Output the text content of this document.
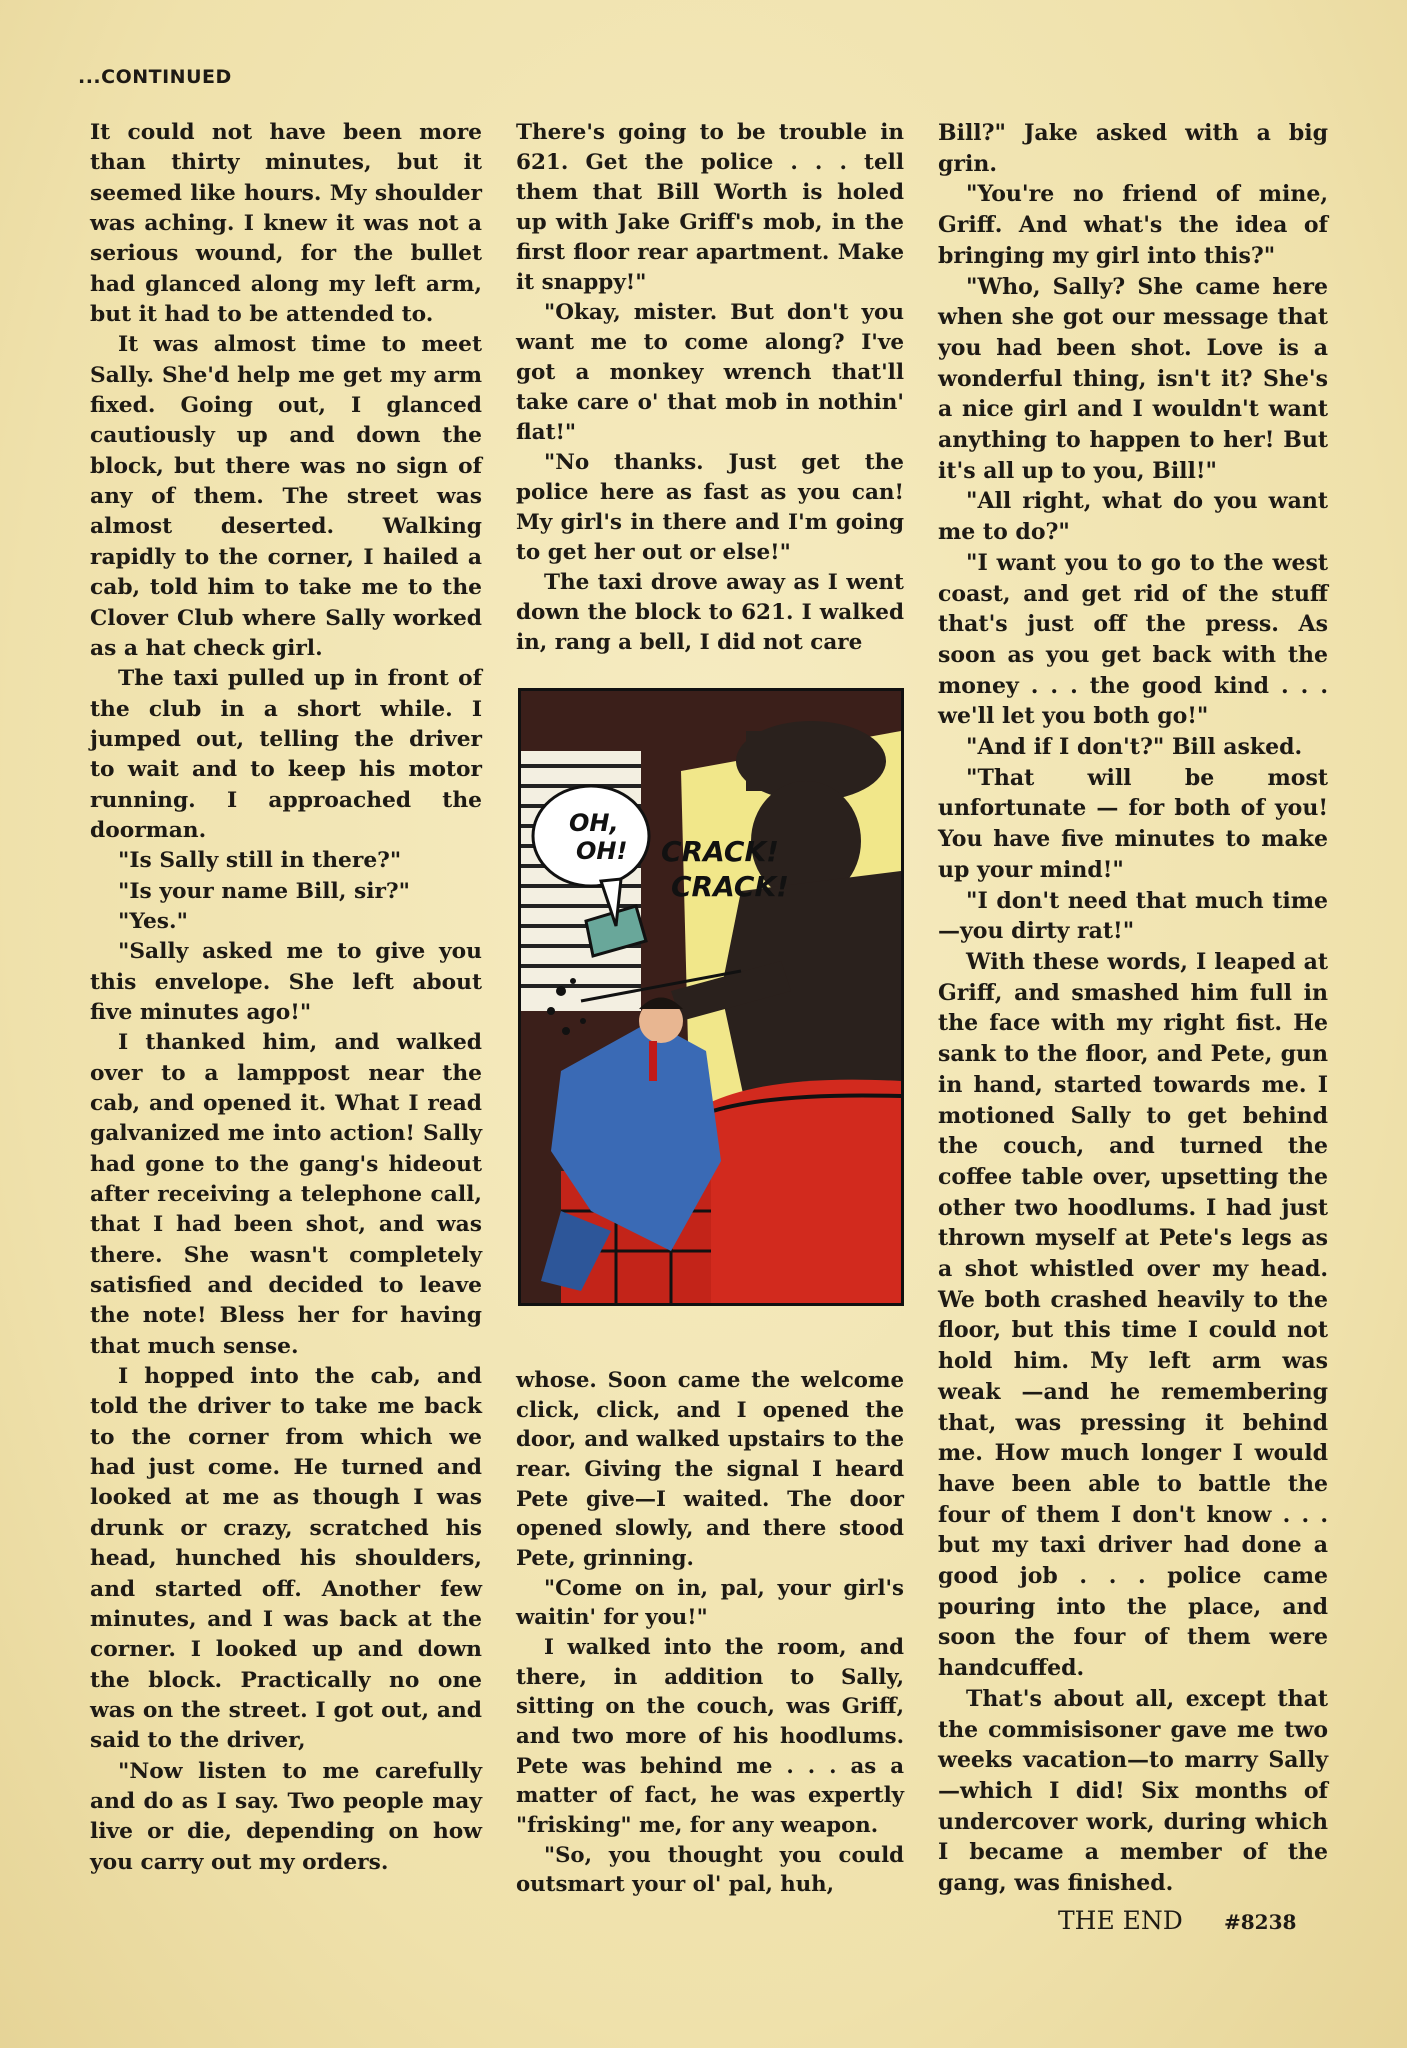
...CONTINUED

It could not have been more than thirty minutes, but it seemed like hours. My shoulder was aching. I knew it was not a serious wound, for the bullet had glanced along my left arm, but it had to be attended to.

It was almost time to meet Sally. She'd help me get my arm fixed. Going out, I glanced cautiously up and down the block, but there was no sign of any of them. The street was almost deserted. Walking rapidly to the corner, I hailed a cab, told him to take me to the Clover Club where Sally worked as a hat check girl.

The taxi pulled up in front of the club in a short while. I jumped out, telling the driver to wait and to keep his motor running. I approached the doorman.

"Is Sally still in there?"

"Is your name Bill, sir?"

"Yes."

"Sally asked me to give you this envelope. She left about five minutes ago!"

I thanked him, and walked over to a lamppost near the cab, and opened it. What I read galvanized me into action! Sally had gone to the gang's hideout after receiving a telephone call, that I had been shot, and was there. She wasn't completely satisfied and decided to leave the note! Bless her for having that much sense.

I hopped into the cab, and told the driver to take me back to the corner from which we had just come. He turned and looked at me as though I was drunk or crazy, scratched his head, hunched his shoulders, and started off. Another few minutes, and I was back at the corner. I looked up and down the block. Practically no one was on the street. I got out, and said to the driver,

"Now listen to me carefully and do as I say. Two people may live or die, depending on how you carry out my orders.

There's going to be trouble in 621. Get the police . . . tell them that Bill Worth is holed up with Jake Griff's mob, in the first floor rear apartment. Make it snappy!"

"Okay, mister. But don't you want me to come along? I've got a monkey wrench that'll take care o' that mob in nothin' flat!"

"No thanks. Just get the police here as fast as you can! My girl's in there and I'm going to get her out or else!"

The taxi drove away as I went down the block to 621. I walked in, rang a bell, I did not care

OH,
OH! CRACK!
CRACK!

whose. Soon came the welcome click, click, and I opened the door, and walked upstairs to the rear. Giving the signal I heard Pete give—I waited. The door opened slowly, and there stood Pete, grinning.

"Come on in, pal, your girl's waitin' for you!"

I walked into the room, and there, in addition to Sally, sitting on the couch, was Griff, and two more of his hoodlums. Pete was behind me . . . as a matter of fact, he was expertly "frisking" me, for any weapon.

"So, you thought you could outsmart your ol' pal, huh,

Bill?" Jake asked with a big grin.

"You're no friend of mine, Griff. And what's the idea of bringing my girl into this?"

"Who, Sally? She came here when she got our message that you had been shot. Love is a wonderful thing, isn't it? She's a nice girl and I wouldn't want anything to happen to her! But it's all up to you, Bill!"

"All right, what do you want me to do?"

"I want you to go to the west coast, and get rid of the stuff that's just off the press. As soon as you get back with the money . . . the good kind . . . we'll let you both go!"

"And if I don't?" Bill asked.

"That will be most unfortunate — for both of you! You have five minutes to make up your mind!"

"I don't need that much time —you dirty rat!"

With these words, I leaped at Griff, and smashed him full in the face with my right fist. He sank to the floor, and Pete, gun in hand, started towards me. I motioned Sally to get behind the couch, and turned the coffee table over, upsetting the other two hoodlums. I had just thrown myself at Pete's legs as a shot whistled over my head. We both crashed heavily to the floor, but this time I could not hold him. My left arm was weak —and he remembering that, was pressing it behind me. How much longer I would have been able to battle the four of them I don't know . . . but my taxi driver had done a good job . . . police came pouring into the place, and soon the four of them were handcuffed.

That's about all, except that the commisisoner gave me two weeks vacation—to marry Sally —which I did! Six months of undercover work, during which I became a member of the gang, was finished.

THE END #8238
